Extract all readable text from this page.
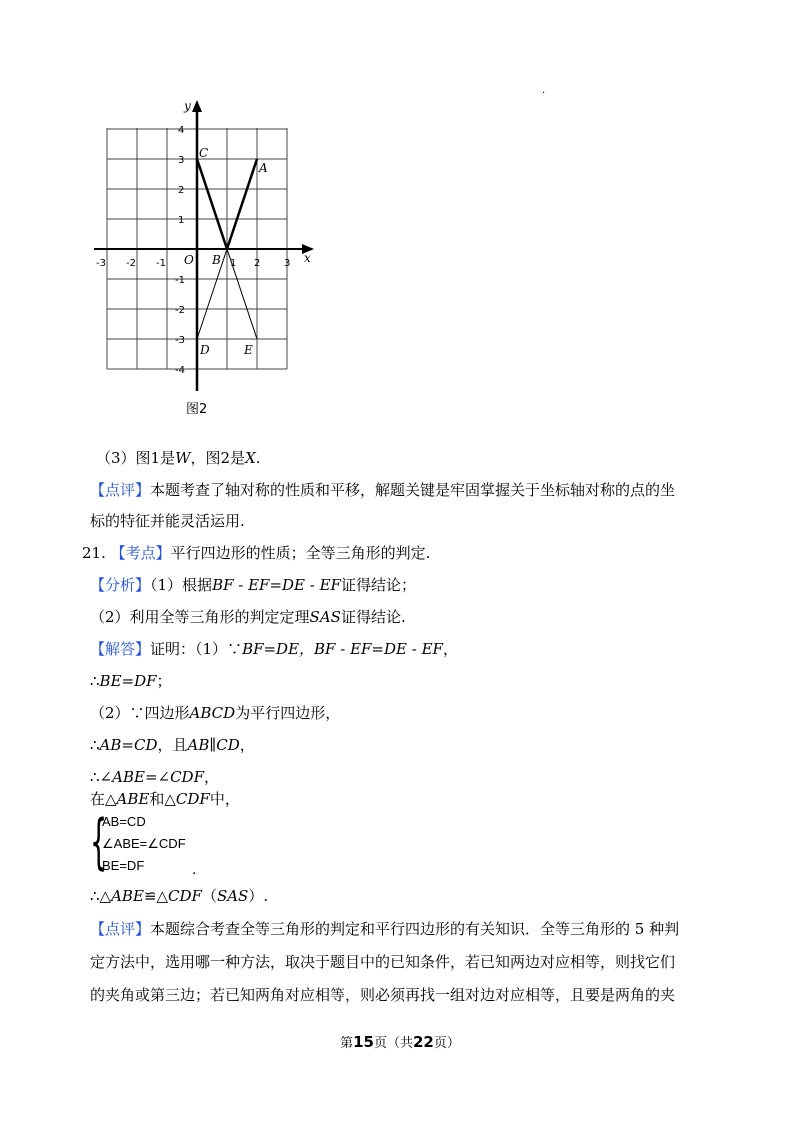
·
y
x
O
C
A
B
D	E
-3 -2 -1	1 2 3
4
3
2
1
-1
-2
-3
-4
图2
（3）图1是W，图2是X.
【点评】本题考查了轴对称的性质和平移，解题关键是牢固掌握关于坐标轴对称的点的坐
标的特征并能灵活运用.
21. 【考点】平行四边形的性质；全等三角形的判定.
【分析】（1）根据BF - EF=DE - EF证得结论；
（2）利用全等三角形的判定定理SAS证得结论.
【解答】证明：（1）∵BF=DE，BF - EF=DE - EF，
∴BE=DF；
（2）∵四边形ABCD为平行四边形，
∴AB=CD，且AB∥CD，
∴∠ABE=∠CDF，
在△ABE和△CDF中，
{
AB=CD
∠ABE=∠CDF
BE=DF	.
∴△ABE≌△CDF（SAS）.
【点评】本题综合考查全等三角形的判定和平行四边形的有关知识．全等三角形的 5 种判
定方法中，选用哪一种方法，取决于题目中的已知条件，若已知两边对应相等，则找它们
的夹角或第三边；若已知两角对应相等，则必须再找一组对边对应相等，且要是两角的夹
第15页（共22页）
